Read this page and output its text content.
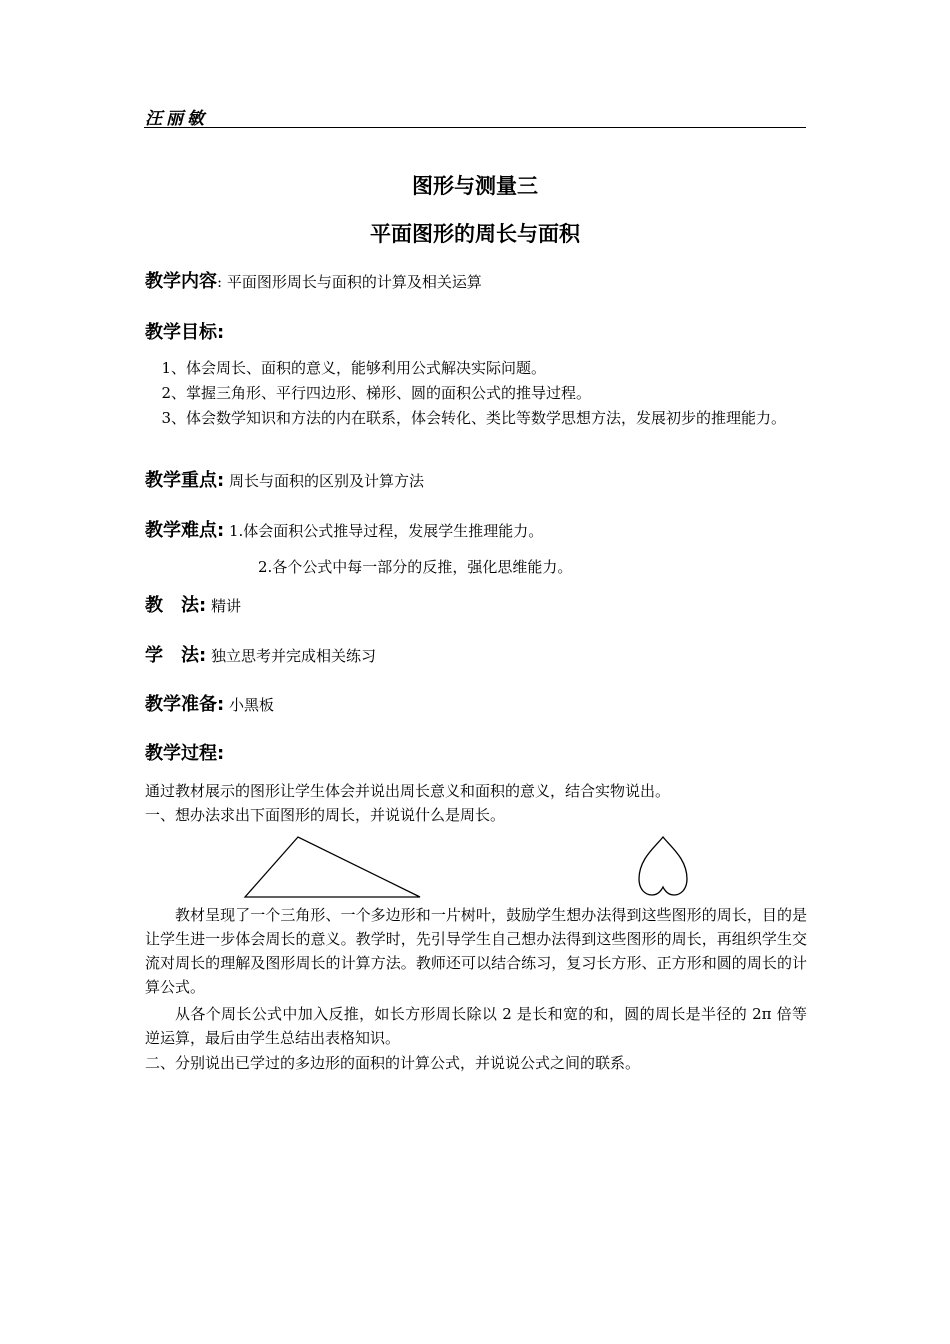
汪丽敏
图形与测量三
平面图形的周长与面积
教学内容: 平面图形周长与面积的计算及相关运算
教学目标:
1、体会周长、面积的意义，能够利用公式解决实际问题。
2、掌握三角形、平行四边形、梯形、圆的面积公式的推导过程。
3、体会数学知识和方法的内在联系，体会转化、类比等数学思想方法，发展初步的推理能力。
教学重点: 周长与面积的区别及计算方法
教学难点: 1.体会面积公式推导过程，发展学生推理能力。
2.各个公式中每一部分的反推，强化思维能力。
教　法: 精讲
学　法: 独立思考并完成相关练习
教学准备: 小黑板
教学过程:
通过教材展示的图形让学生体会并说出周长意义和面积的意义，结合实物说出。
一、想办法求出下面图形的周长，并说说什么是周长。
教材呈现了一个三角形、一个多边形和一片树叶，鼓励学生想办法得到这些图形的周长，目的是让学生进一步体会周长的意义。教学时，先引导学生自己想办法得到这些图形的周长，再组织学生交流对周长的理解及图形周长的计算方法。教师还可以结合练习，复习长方形、正方形和圆的周长的计算公式。
从各个周长公式中加入反推，如长方形周长除以 2 是长和宽的和，圆的周长是半径的 2π 倍等逆运算，最后由学生总结出表格知识。
二、分别说出已学过的多边形的面积的计算公式，并说说公式之间的联系。
